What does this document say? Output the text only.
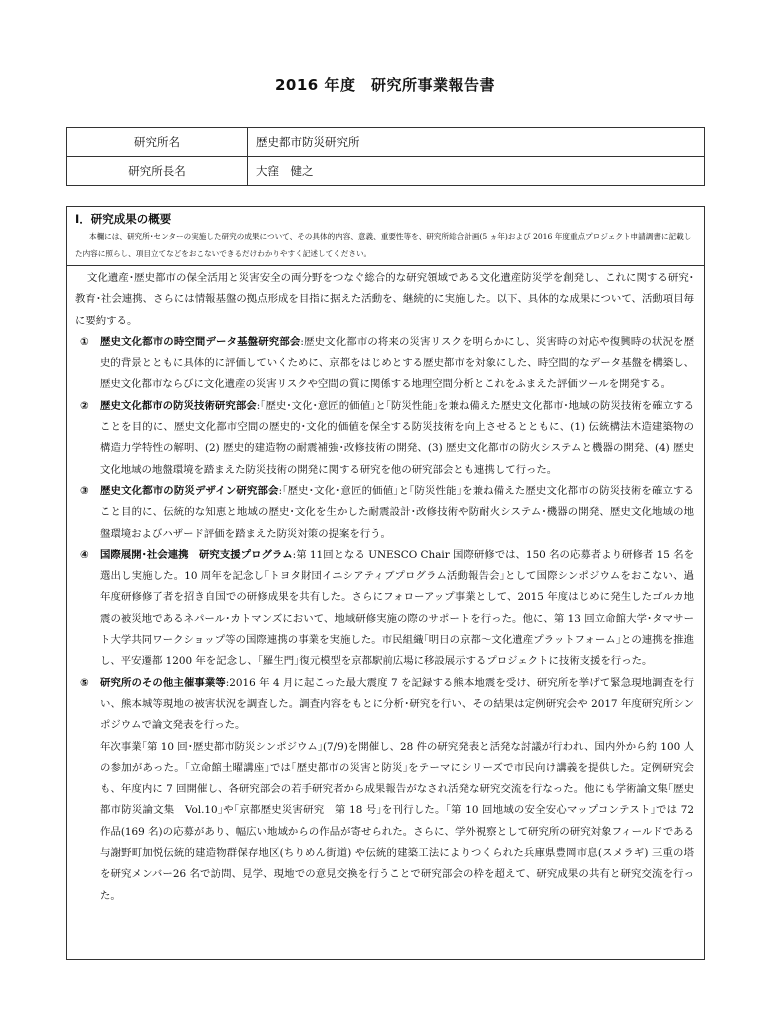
2016 年度　研究所事業報告書
研究所名	歴史都市防災研究所
研究所長名	大窪　健之
Ⅰ．研究成果の概要
本欄には、研究所･センターの実施した研究の成果について、その具体的内容、意義、重要性等を、研究所総合計画(5 ヵ年)および 2016 年度重点プロジェクト申請調書に記載した内容に照らし、項目立てなどをおこないできるだけわかりやすく記述してください。

文化遺産･歴史都市の保全活用と災害安全の両分野をつなぐ総合的な研究領域である文化遺産防災学を創発し、これに関する研究･教育･社会連携、さらには情報基盤の拠点形成を目指に据えた活動を、継続的に実施した。以下、具体的な成果について、活動項目毎に要約する。

① 歴史文化都市の時空間データ基盤研究部会:歴史文化都市の将来の災害リスクを明らかにし、災害時の対応や復興時の状況を歴史的背景とともに具体的に評価していくために、京都をはじめとする歴史都市を対象にした、時空間的なデータ基盤を構築し、歴史文化都市ならびに文化遺産の災害リスクや空間の質に関係する地理空間分析とこれをふまえた評価ツールを開発する。

② 歴史文化都市の防災技術研究部会:｢歴史･文化･意匠的価値｣と｢防災性能｣を兼ね備えた歴史文化都市･地域の防災技術を確立することを目的に、歴史文化都市空間の歴史的･文化的価値を保全する防災技術を向上させるとともに、(1) 伝統構法木造建築物の構造力学特性の解明、(2) 歴史的建造物の耐震補強･改修技術の開発、(3) 歴史文化都市の防火システムと機器の開発、(4) 歴史文化地域の地盤環境を踏まえた防災技術の開発に関する研究を他の研究部会とも連携して行った。

③ 歴史文化都市の防災デザイン研究部会:｢歴史･文化･意匠的価値｣と｢防災性能｣を兼ね備えた歴史文化都市の防災技術を確立すること目的に、伝統的な知恵と地域の歴史･文化を生かした耐震設計･改修技術や防耐火システム･機器の開発、歴史文化地域の地盤環境およびハザード評価を踏まえた防災対策の提案を行う。

④ 国際展開･社会連携　研究支援プログラム:第 11回となる UNESCO Chair 国際研修では、150 名の応募者より研修者 15 名を選出し実施した。10 周年を記念し｢トヨタ財団イニシアティブプログラム活動報告会｣として国際シンポジウムをおこない、過年度研修修了者を招き自国での研修成果を共有した。さらにフォローアップ事業として、2015 年度はじめに発生したゴルカ地震の被災地であるネパール･カトマンズにおいて、地域研修実施の際のサポートを行った。他に、第 13 回立命館大学･タマサート大学共同ワークショップ等の国際連携の事業を実施した。市民組織｢明日の京都～文化遺産プラットフォーム｣との連携を推進し、平安遷都 1200 年を記念し、｢羅生門｣復元模型を京都駅前広場に移設展示するプロジェクトに技術支援を行った。

⑤ 研究所のその他主催事業等:2016 年 4 月に起こった最大震度 7 を記録する熊本地震を受け、研究所を挙げて緊急現地調査を行い、熊本城等現地の被害状況を調査した。調査内容をもとに分析･研究を行い、その結果は定例研究会や 2017 年度研究所シンポジウムで論文発表を行った。

年次事業｢第 10 回･歴史都市防災シンポジウム｣(7/9)を開催し、28 件の研究発表と活発な討議が行われ、国内外から約 100 人の参加があった。｢立命館土曜講座｣では｢歴史都市の災害と防災｣をテーマにシリーズで市民向け講義を提供した。定例研究会も、年度内に 7 回開催し、各研究部会の若手研究者から成果報告がなされ活発な研究交流を行なった。他にも学術論文集｢歴史都市防災論文集　Vol.10｣や｢京都歴史災害研究　第 18 号｣を刊行した。｢第 10 回地域の安全安心マップコンテスト｣では 72 作品(169 名)の応募があり、幅広い地域からの作品が寄せられた。さらに、学外視察として研究所の研究対象フィールドである与謝野町加悦伝統的建造物群保存地区(ちりめん街道) や伝統的建築工法によりつくられた兵庫県豊岡市息(スメラギ) 三重の塔を研究メンバー26 名で訪問、見学、現地での意見交換を行うことで研究部会の枠を超えて、研究成果の共有と研究交流を行った。
